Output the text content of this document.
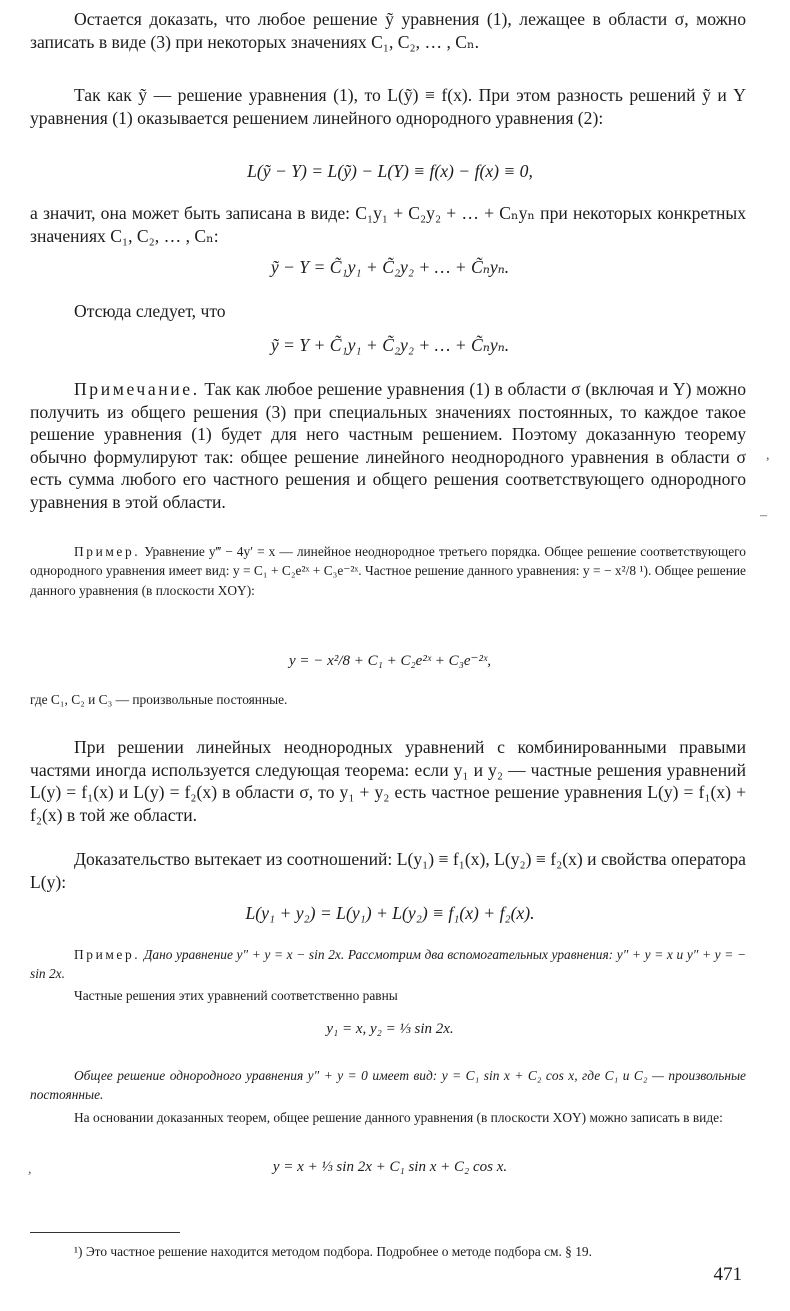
Остается доказать, что любое решение ỹ уравнения (1), лежащее в области σ, можно записать в виде (3) при некоторых значениях C₁, C₂, … , Cₙ.

Так как ỹ — решение уравнения (1), то L(ỹ) ≡ f(x). При этом разность решений ỹ и Y уравнения (1) оказывается решением линейного однородного уравнения (2):

L(ỹ − Y) = L(ỹ) − L(Y) ≡ f(x) − f(x) ≡ 0,

а значит, она может быть записана в виде: C₁y₁ + C₂y₂ + … + Cₙyₙ при некоторых конкретных значениях C₁, C₂, … , Cₙ:

ỹ − Y = C̃₁y₁ + C̃₂y₂ + … + C̃ₙyₙ.

Отсюда следует, что

ỹ = Y + C̃₁y₁ + C̃₂y₂ + … + C̃ₙyₙ.

Примечание. Так как любое решение уравнения (1) в области σ (включая и Y) можно получить из общего решения (3) при специальных значениях постоянных, то каждое такое решение уравнения (1) будет для него частным решением. Поэтому доказанную теорему обычно формулируют так: общее решение линейного неоднородного уравнения в области σ есть сумма любого его частного решения и общего решения соответствующего однородного уравнения в этой области.

Пример. Уравнение y‴ − 4y′ = x — линейное неоднородное третьего порядка. Общее решение соответствующего однородного уравнения имеет вид: y = C₁ + C₂e²ˣ + C₃e⁻²ˣ. Частное решение данного уравнения: y = − x²/8 ¹). Общее решение данного уравнения (в плоскости XOY):

y = − x²/8 + C₁ + C₂e²ˣ + C₃e⁻²ˣ,

где C₁, C₂ и C₃ — произвольные постоянные.

При решении линейных неоднородных уравнений с комбинированными правыми частями иногда используется следующая теорема: если y₁ и y₂ — частные решения уравнений L(y) = f₁(x) и L(y) = f₂(x) в области σ, то y₁ + y₂ есть частное решение уравнения L(y) = f₁(x) + f₂(x) в той же области.

Доказательство вытекает из соотношений: L(y₁) ≡ f₁(x), L(y₂) ≡ f₂(x) и свойства оператора L(y):

L(y₁ + y₂) = L(y₁) + L(y₂) ≡ f₁(x) + f₂(x).

Пример. Дано уравнение y″ + y = x − sin 2x. Рассмотрим два вспомогательных уравнения: y″ + y = x и y″ + y = − sin 2x.

Частные решения этих уравнений соответственно равны

y₁ = x, y₂ = ⅓ sin 2x.

Общее решение однородного уравнения y″ + y = 0 имеет вид: y = C₁ sin x + C₂ cos x, где C₁ и C₂ — произвольные постоянные.

На основании доказанных теорем, общее решение данного уравнения (в плоскости XOY) можно записать в виде:

y = x + ⅓ sin 2x + C₁ sin x + C₂ cos x.

¹) Это частное решение находится методом подбора. Подробнее о методе подбора см. § 19.

471
,
–
,
